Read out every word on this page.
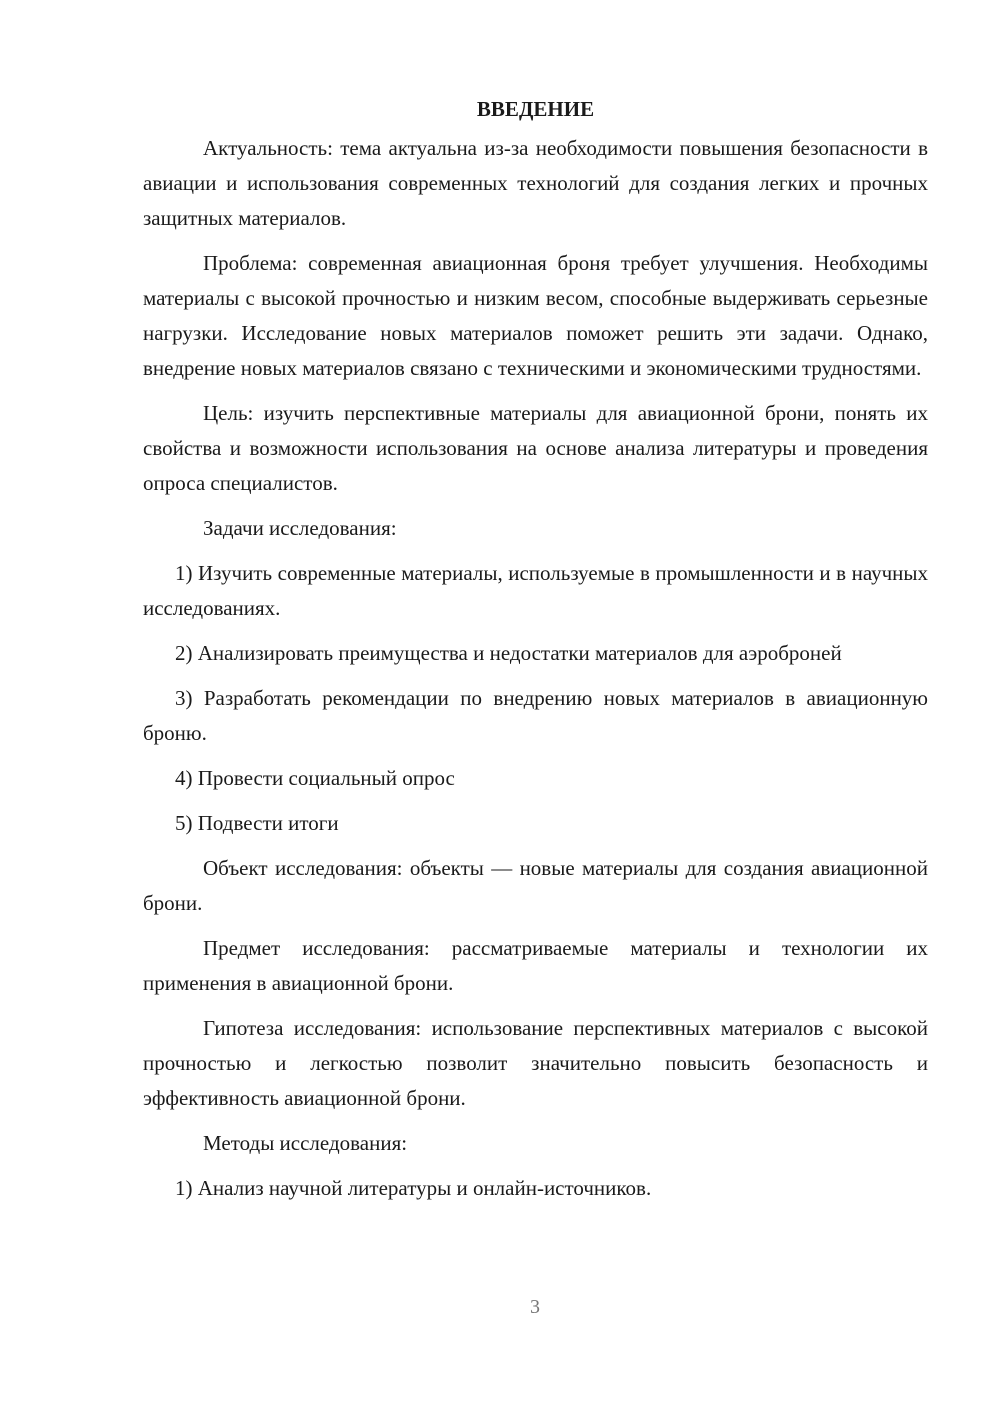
ВВЕДЕНИЕ

Актуальность: тема актуальна из-за необходимости повышения безопасности в авиации и использования современных технологий для создания легких и прочных защитных материалов.

Проблема: современная авиационная броня требует улучшения. Необходимы материалы с высокой прочностью и низким весом, способные выдерживать серьезные нагрузки. Исследование новых материалов поможет решить эти задачи. Однако, внедрение новых материалов связано с техническими и экономическими трудностями.

Цель: изучить перспективные материалы для авиационной брони, понять их свойства и возможности использования на основе анализа литературы и проведения опроса специалистов.

Задачи исследования:

1) Изучить современные материалы, используемые в промышленности и в научных исследованиях.

2) Анализировать преимущества и недостатки материалов для аэроброней

3) Разработать рекомендации по внедрению новых материалов в авиационную броню.

4) Провести социальный опрос

5) Подвести итоги

Объект исследования: объекты — новые материалы для создания авиационной брони.

Предмет исследования: рассматриваемые материалы и технологии их применения в авиационной брони.

Гипотеза исследования: использование перспективных материалов с высокой прочностью и легкостью позволит значительно повысить безопасность и эффективность авиационной брони.

Методы исследования:

1) Анализ научной литературы и онлайн-источников.

3
